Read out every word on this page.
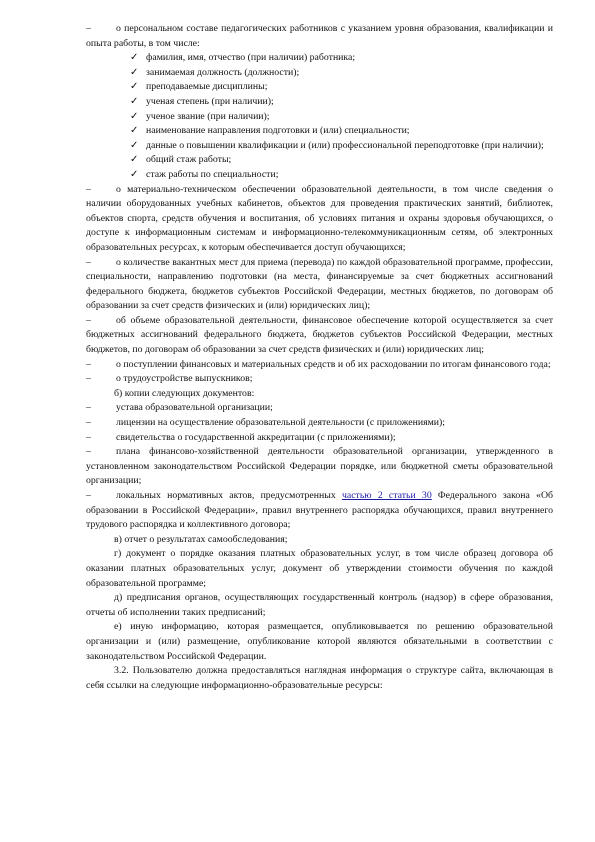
–	о персональном составе педагогических работников с указанием уровня образования, квалификации и опыта работы, в том числе:

✓ фамилия, имя, отчество (при наличии) работника;
✓ занимаемая должность (должности);
✓ преподаваемые дисциплины;
✓ ученая степень (при наличии);
✓ ученое звание (при наличии);
✓ наименование направления подготовки и (или) специальности;
✓ данные о повышении квалификации и (или) профессиональной переподготовке (при наличии);
✓ общий стаж работы;
✓ стаж работы по специальности;

–	о материально-техническом обеспечении образовательной деятельности, в том числе сведения о наличии оборудованных учебных кабинетов, объектов для проведения практических занятий, библиотек, объектов спорта, средств обучения и воспитания, об условиях питания и охраны здоровья обучающихся, о доступе к информационным системам и информационно-телекоммуникационным сетям, об электронных образовательных ресурсах, к которым обеспечивается доступ обучающихся;

–	о количестве вакантных мест для приема (перевода) по каждой образовательной программе, профессии, специальности, направлению подготовки (на места, финансируемые за счет бюджетных ассигнований федерального бюджета, бюджетов субъектов Российской Федерации, местных бюджетов, по договорам об образовании за счет средств физических и (или) юридических лиц);

–	об объеме образовательной деятельности, финансовое обеспечение которой осуществляется за счет бюджетных ассигнований федерального бюджета, бюджетов субъектов Российской Федерации, местных бюджетов, по договорам об образовании за счет средств физических и (или) юридических лиц;

–	о поступлении финансовых и материальных средств и об их расходовании по итогам финансового года;

–	о трудоустройстве выпускников;

б) копии следующих документов:

–	устава образовательной организации;

–	лицензии на осуществление образовательной деятельности (с приложениями);

–	свидетельства о государственной аккредитации (с приложениями);

–	плана финансово-хозяйственной деятельности образовательной организации, утвержденного в установленном законодательством Российской Федерации порядке, или бюджетной сметы образовательной организации;

–	локальных нормативных актов, предусмотренных частью 2 статьи 30 Федерального закона «Об образовании в Российской Федерации», правил внутреннего распорядка обучающихся, правил внутреннего трудового распорядка и коллективного договора;

в) отчет о результатах самообследования;

г) документ о порядке оказания платных образовательных услуг, в том числе образец договора об оказании платных образовательных услуг, документ об утверждении стоимости обучения по каждой образовательной программе;

д) предписания органов, осуществляющих государственный контроль (надзор) в сфере образования, отчеты об исполнении таких предписаний;

е) иную информацию, которая размещается, опубликовывается по решению образовательной организации и (или) размещение, опубликование которой являются обязательными в соответствии с законодательством Российской Федерации.

3.2. Пользователю должна предоставляться наглядная информация о структуре сайта, включающая в себя ссылки на следующие информационно-образовательные ресурсы:
